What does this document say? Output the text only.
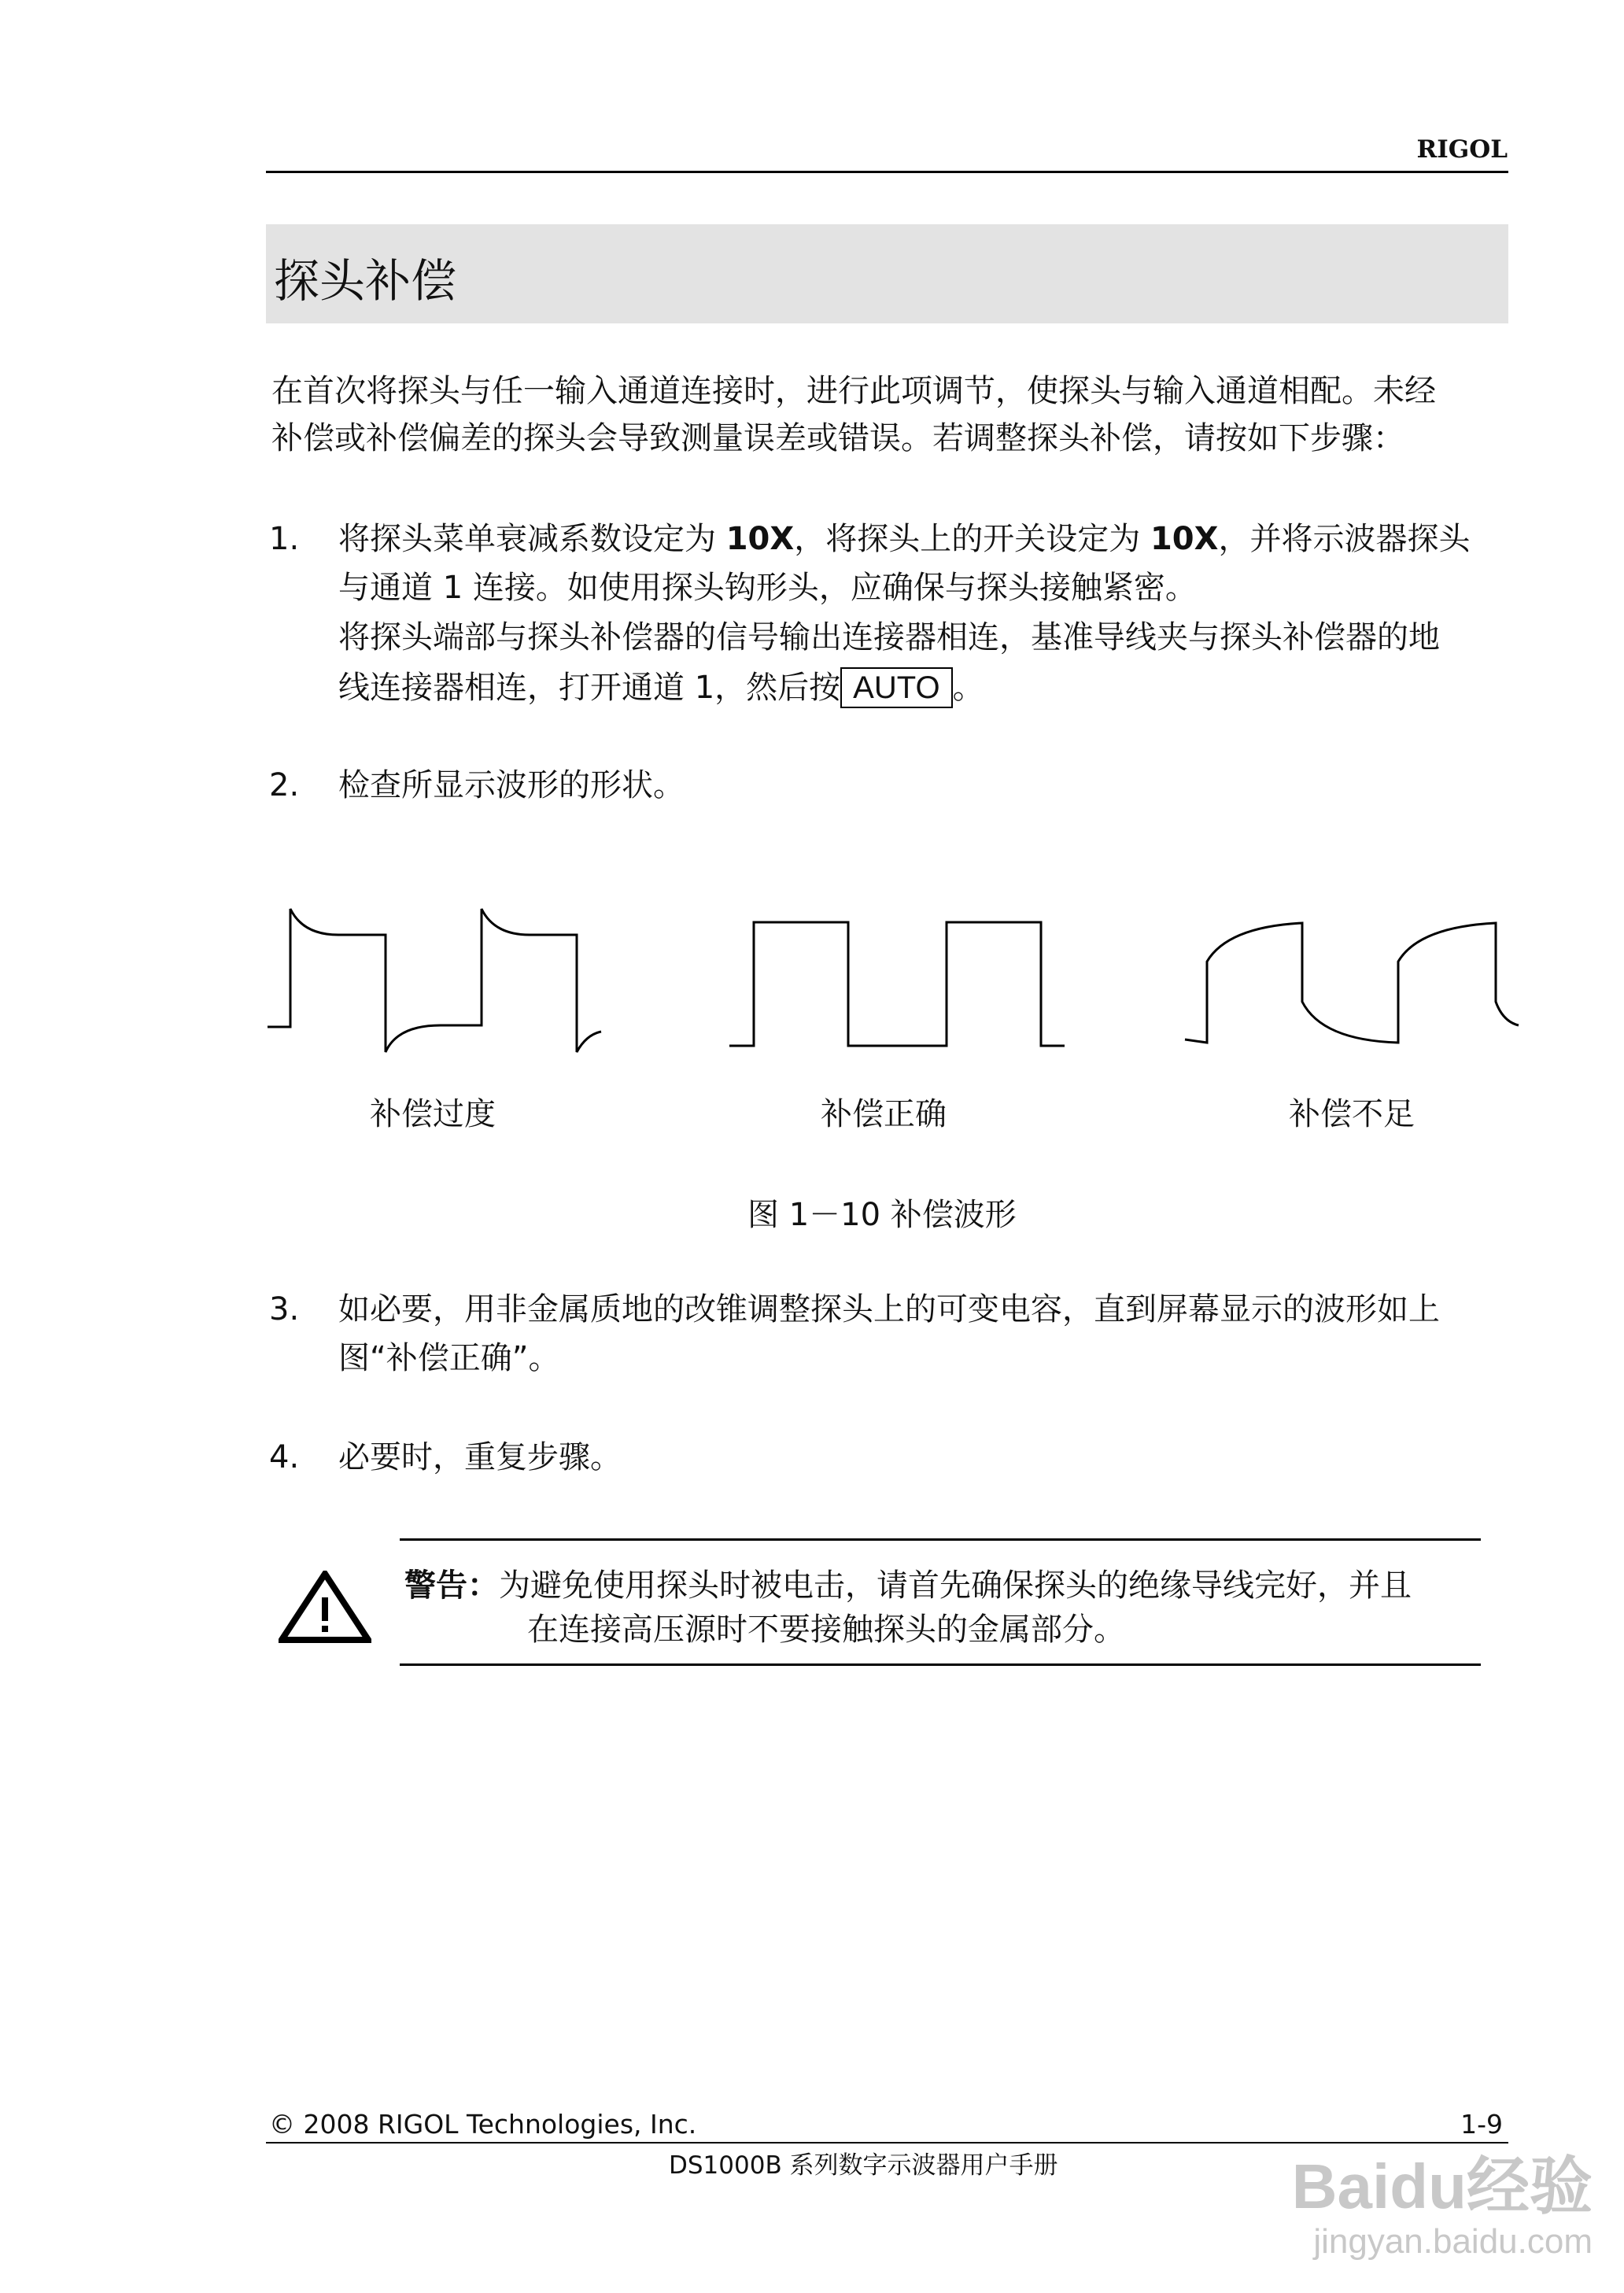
RIGOL
探头补偿
在首次将探头与任一输入通道连接时，进行此项调节，使探头与输入通道相配。未经
补偿或补偿偏差的探头会导致测量误差或错误。若调整探头补偿，请按如下步骤：
1. 将探头菜单衰减系数设定为 10X，将探头上的开关设定为 10X，并将示波器探头
与通道 1 连接。如使用探头钩形头，应确保与探头接触紧密。
将探头端部与探头补偿器的信号输出连接器相连，基准导线夹与探头补偿器的地
线连接器相连，打开通道 1，然后按 AUTO 。
2. 检查所显示波形的形状。
补偿过度	补偿正确	补偿不足
图 1－10 补偿波形
3. 如必要，用非金属质地的改锥调整探头上的可变电容，直到屏幕显示的波形如上
图“补偿正确”。
4. 必要时，重复步骤。
警告：为避免使用探头时被电击，请首先确保探头的绝缘导线完好，并且
在连接高压源时不要接触探头的金属部分。
© 2008 RIGOL Technologies, Inc.	1-9
DS1000B 系列数字示波器用户手册	Baidu经验
jingyan.baidu.com
